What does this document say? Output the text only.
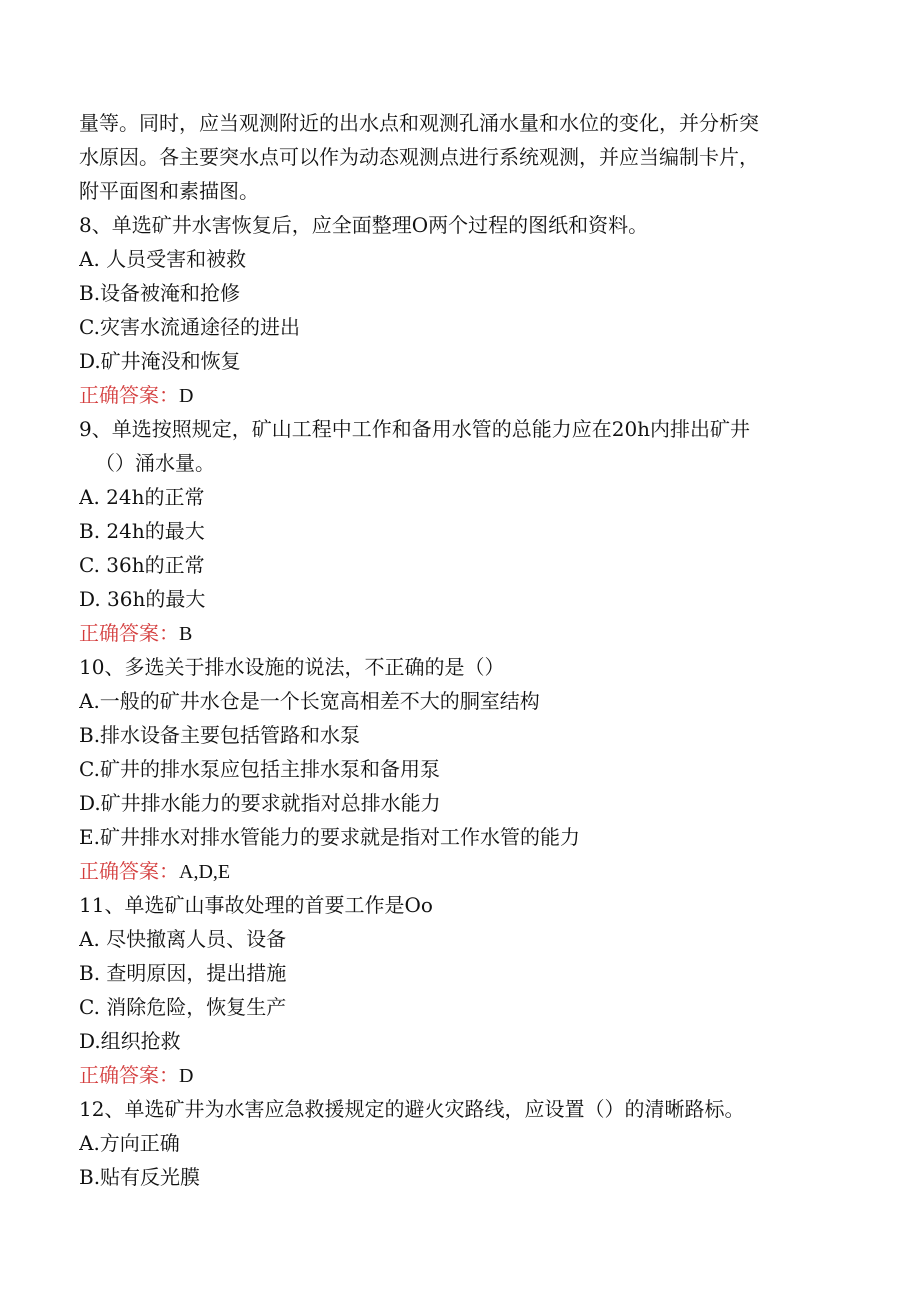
量等。同时，应当观测附近的出水点和观测孔涌水量和水位的变化，并分析突

水原因。各主要突水点可以作为动态观测点进行系统观测，并应当编制卡片，

附平面图和素描图。

8、单选矿井水害恢复后，应全面整理O两个过程的图纸和资料。

A. 人员受害和被救

B.设备被淹和抢修

C.灾害水流通途径的进出

D.矿井淹没和恢复

正确答案：D

9、单选按照规定，矿山工程中工作和备用水管的总能力应在20h内排出矿井

（）涌水量。

A. 24h的正常

B. 24h的最大

C. 36h的正常

D. 36h的最大

正确答案：B

10、多选关于排水设施的说法，不正确的是（）

A.一般的矿井水仓是一个长宽高相差不大的胴室结构

B.排水设备主要包括管路和水泵

C.矿井的排水泵应包括主排水泵和备用泵

D.矿井排水能力的要求就指对总排水能力

E.矿井排水对排水管能力的要求就是指对工作水管的能力

正确答案：A,D,E

11、单选矿山事故处理的首要工作是Oo

A. 尽快撤离人员、设备

B. 查明原因，提出措施

C. 消除危险，恢复生产

D.组织抢救

正确答案：D

12、单选矿井为水害应急救援规定的避火灾路线，应设置（）的清晰路标。

A.方向正确

B.贴有反光膜
